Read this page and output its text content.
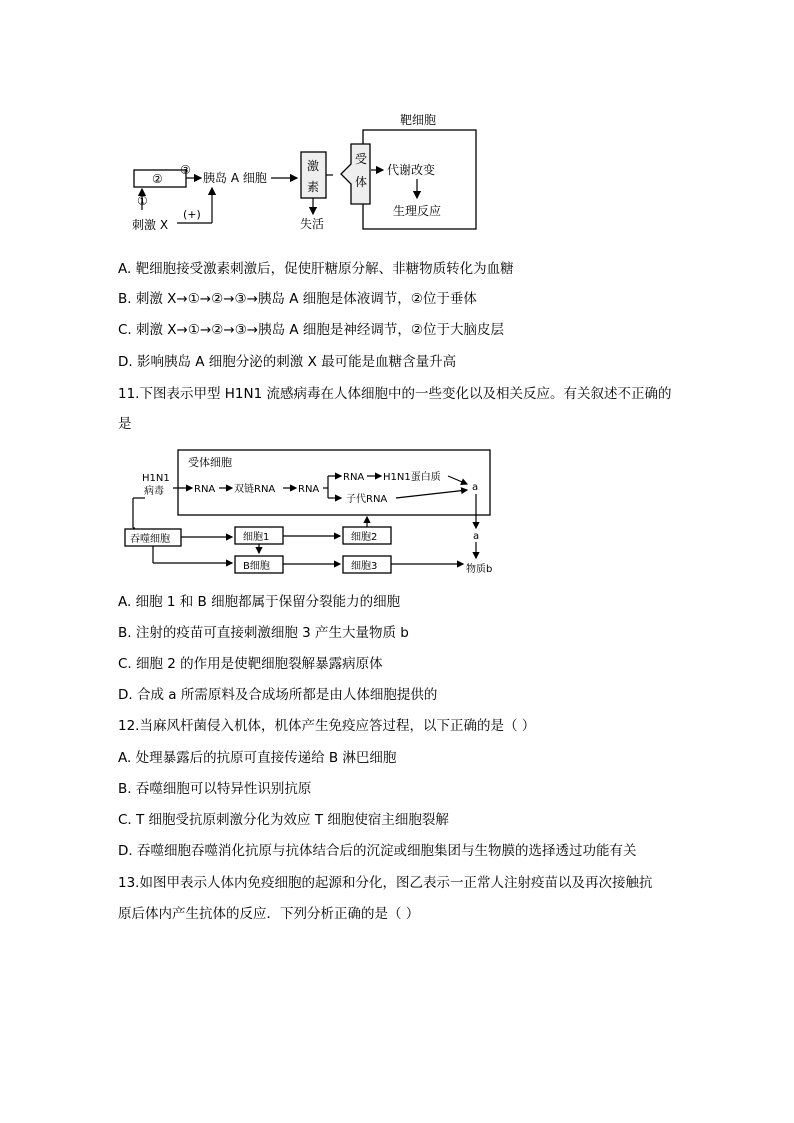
靶细胞
②
①
刺激 X
③
胰岛 A 细胞
(+)
激
素
失活
受
体
代谢改变
生理反应
A. 靶细胞接受激素刺激后，促使肝糖原分解、非糖物质转化为血糖
B. 刺激 X→①→②→③→胰岛 A 细胞是体液调节，②位于垂体
C. 刺激 X→①→②→③→胰岛 A 细胞是神经调节，②位于大脑皮层
D. 影响胰岛 A 细胞分泌的刺激 X 最可能是血糖含量升高
11.下图表示甲型 H1N1 流感病毒在人体细胞中的一些变化以及相关反应。有关叙述不正确的
是
受体细胞
H1N1
病毒	RNA 双链RNA RNA
RNA H1N1蛋白质
子代RNA
a
a
物质b
吞噬细胞	细胞1	细胞2
B细胞	细胞3
A. 细胞 1 和 B 细胞都属于保留分裂能力的细胞
B. 注射的疫苗可直接刺激细胞 3 产生大量物质 b
C. 细胞 2 的作用是使靶细胞裂解暴露病原体
D. 合成 a 所需原料及合成场所都是由人体细胞提供的
12.当麻风杆菌侵入机体，机体产生免疫应答过程，以下正确的是（ ）
A. 处理暴露后的抗原可直接传递给 B 淋巴细胞
B. 吞噬细胞可以特异性识别抗原
C. T 细胞受抗原刺激分化为效应 T 细胞使宿主细胞裂解
D. 吞噬细胞吞噬消化抗原与抗体结合后的沉淀或细胞集团与生物膜的选择透过功能有关
13.如图甲表示人体内免疫细胞的起源和分化，图乙表示一正常人注射疫苗以及再次接触抗
原后体内产生抗体的反应．下列分析正确的是（ ）
